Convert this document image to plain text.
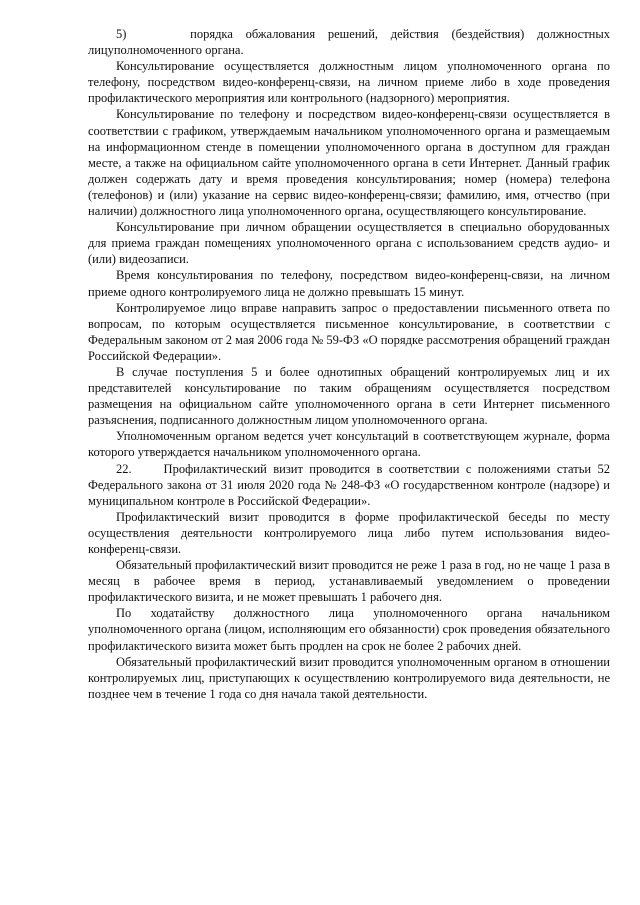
5)     порядка обжалования решений, действия (бездействия) должностных лицуполномоченного органа.

Консультирование осуществляется должностным лицом уполномоченного органа по телефону, посредством видео-конференц-связи, на личном приеме либо в ходе проведения профилактического мероприятия или контрольного (надзорного) мероприятия.

Консультирование по телефону и посредством видео-конференц-связи осуществляется в соответствии с графиком, утверждаемым начальником уполномоченного органа и размещаемым на информационном стенде в помещении уполномоченного органа в доступном для граждан месте, а также на официальном сайте уполномоченного органа в сети Интернет. Данный график должен содержать дату и время проведения консультирования; номер (номера) телефона (телефонов) и (или) указание на сервис видео-конференц-связи; фамилию, имя, отчество (при наличии) должностного лица уполномоченного органа, осуществляющего консультирование.

Консультирование при личном обращении осуществляется в специально оборудованных для приема граждан помещениях уполномоченного органа с использованием средств аудио- и (или) видеозаписи.

Время консультирования по телефону, посредством видео-конференц-связи, на личном приеме одного контролируемого лица не должно превышать 15 минут.

Контролируемое лицо вправе направить запрос о предоставлении письменного ответа по вопросам, по которым осуществляется письменное консультирование, в соответствии с Федеральным законом от 2 мая 2006 года № 59-ФЗ «О порядке рассмотрения обращений граждан Российской Федерации».

В случае поступления 5 и более однотипных обращений контролируемых лиц и их представителей консультирование по таким обращениям осуществляется посредством размещения на официальном сайте уполномоченного органа в сети Интернет письменного разъяснения, подписанного должностным лицом уполномоченного органа.

Уполномоченным органом ведется учет консультаций в соответствующем журнале, форма которого утверждается начальником уполномоченного органа.

22.     Профилактический визит проводится в соответствии с положениями статьи 52 Федерального закона от 31 июля 2020 года № 248-ФЗ «О государственном контроле (надзоре) и муниципальном контроле в Российской Федерации».

Профилактический визит проводится в форме профилактической беседы по месту осуществления деятельности контролируемого лица либо путем использования видео-конференц-связи.

Обязательный профилактический визит проводится не реже 1 раза в год, но не чаще 1 раза в месяц в рабочее время в период, устанавливаемый уведомлением о проведении профилактического визита, и не может превышать 1 рабочего дня.

По ходатайству должностного лица уполномоченного органа начальником уполномоченного органа (лицом, исполняющим его обязанности) срок проведения обязательного профилактического визита может быть продлен на срок не более 2 рабочих дней.

Обязательный профилактический визит проводится уполномоченным органом в отношении контролируемых лиц, приступающих к осуществлению контролируемого вида деятельности, не позднее чем в течение 1 года со дня начала такой деятельности.
